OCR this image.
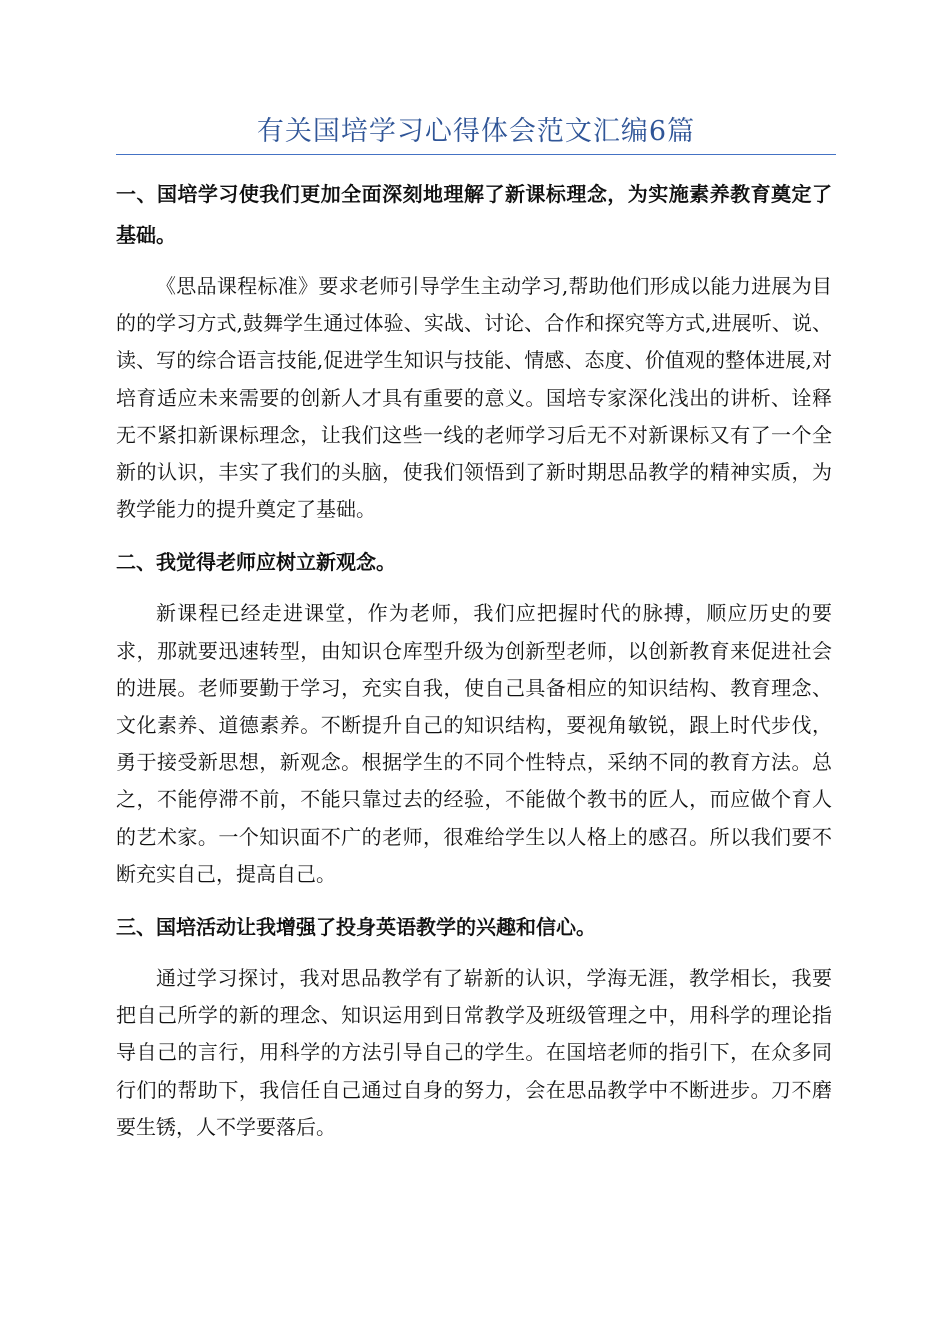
有关国培学习心得体会范文汇编6篇

一、国培学习使我们更加全面深刻地理解了新课标理念，为实施素养教育奠定了基础。

《思品课程标准》要求老师引导学生主动学习,帮助他们形成以能力进展为目的的学习方式,鼓舞学生通过体验、实战、讨论、合作和探究等方式,进展听、说、读、写的综合语言技能,促进学生知识与技能、情感、态度、价值观的整体进展,对培育适应未来需要的创新人才具有重要的意义。国培专家深化浅出的讲析、诠释无不紧扣新课标理念，让我们这些一线的老师学习后无不对新课标又有了一个全新的认识，丰实了我们的头脑，使我们领悟到了新时期思品教学的精神实质，为教学能力的提升奠定了基础。

二、我觉得老师应树立新观念。

新课程已经走进课堂，作为老师，我们应把握时代的脉搏，顺应历史的要求，那就要迅速转型，由知识仓库型升级为创新型老师，以创新教育来促进社会的进展。老师要勤于学习，充实自我，使自己具备相应的知识结构、教育理念、文化素养、道德素养。不断提升自己的知识结构，要视角敏锐，跟上时代步伐，勇于接受新思想，新观念。根据学生的不同个性特点，采纳不同的教育方法。总之，不能停滞不前，不能只靠过去的经验，不能做个教书的匠人，而应做个育人的艺术家。一个知识面不广的老师，很难给学生以人格上的感召。所以我们要不断充实自己，提高自己。

三、国培活动让我增强了投身英语教学的兴趣和信心。

通过学习探讨，我对思品教学有了崭新的认识，学海无涯，教学相长，我要把自己所学的新的理念、知识运用到日常教学及班级管理之中，用科学的理论指导自己的言行，用科学的方法引导自己的学生。在国培老师的指引下，在众多同行们的帮助下，我信任自己通过自身的努力，会在思品教学中不断进步。刀不磨要生锈，人不学要落后。
